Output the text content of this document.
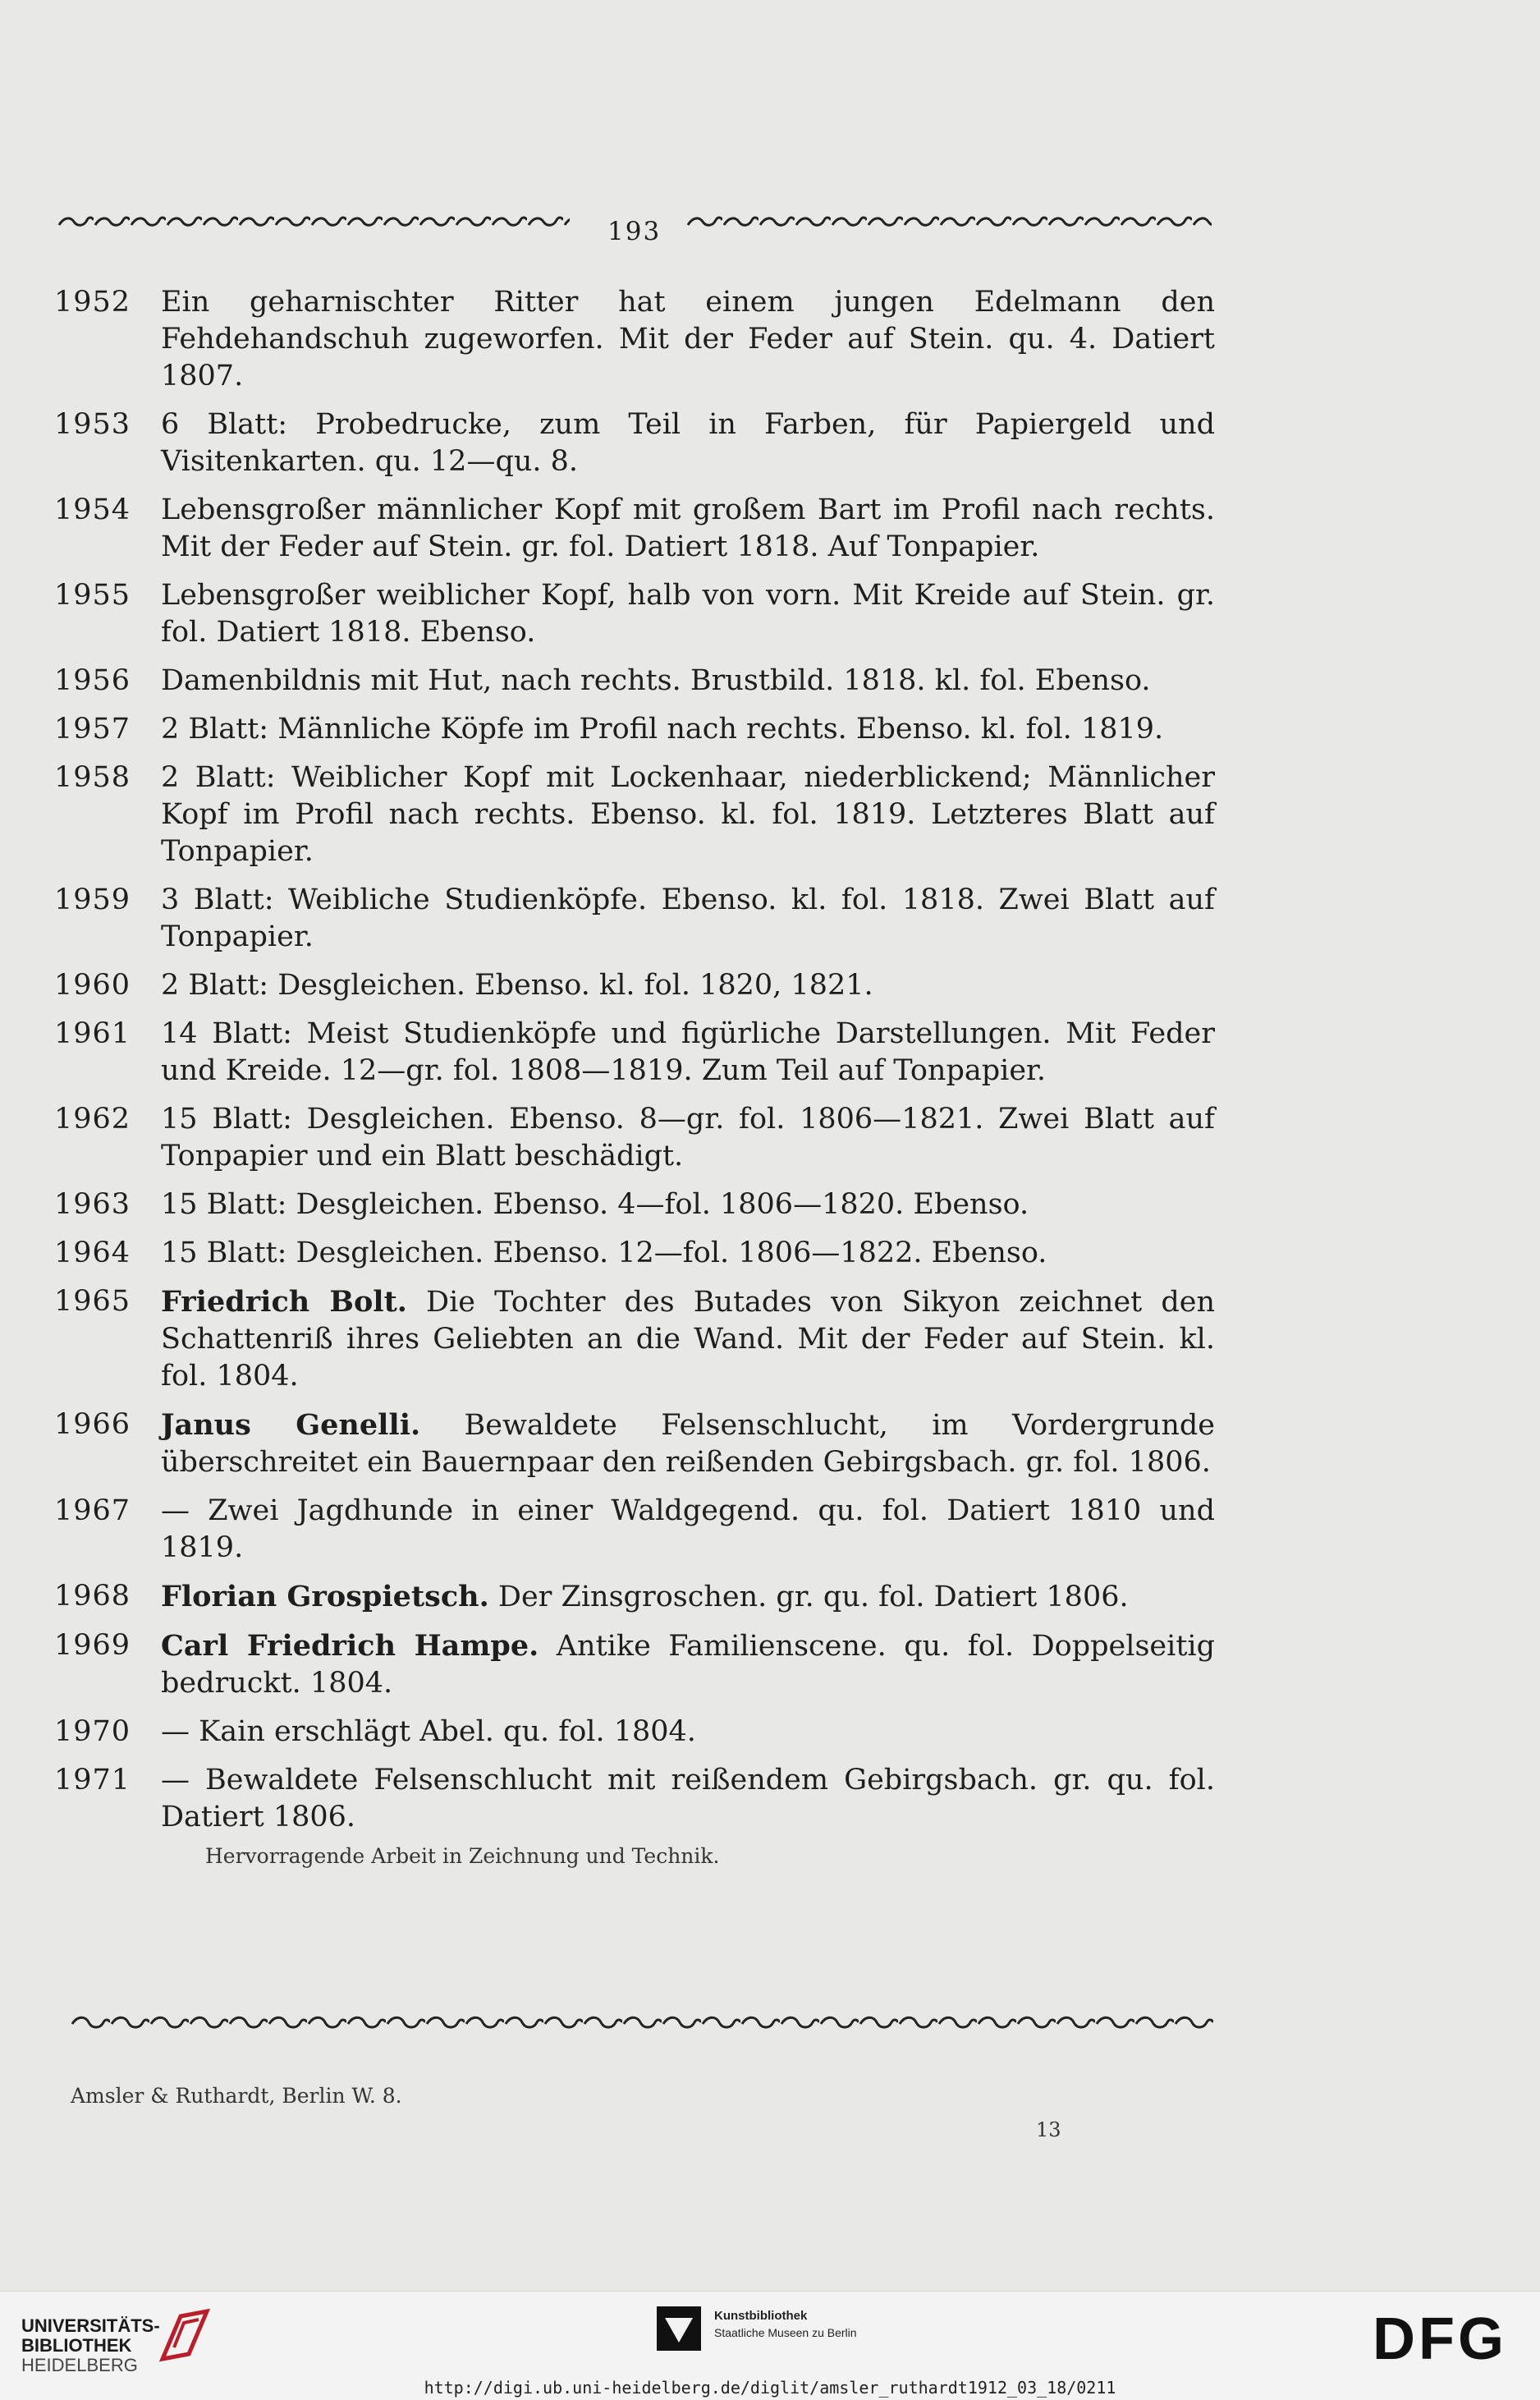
193
1952	Ein geharnischter Ritter hat einem jungen Edelmann den Fehdehandschuh zugeworfen. Mit der Feder auf Stein. qu. 4. Datiert 1807.
1953	6 Blatt: Probedrucke, zum Teil in Farben, für Papiergeld und Visitenkarten. qu. 12—qu. 8.
1954	Lebensgroßer männlicher Kopf mit großem Bart im Profil nach rechts. Mit der Feder auf Stein. gr. fol. Datiert 1818. Auf Tonpapier.
1955	Lebensgroßer weiblicher Kopf, halb von vorn. Mit Kreide auf Stein. gr. fol. Datiert 1818. Ebenso.
1956	Damenbildnis mit Hut, nach rechts. Brustbild. 1818. kl. fol. Ebenso.
1957	2 Blatt: Männliche Köpfe im Profil nach rechts. Ebenso. kl. fol. 1819.
1958	2 Blatt: Weiblicher Kopf mit Lockenhaar, niederblickend; Männlicher Kopf im Profil nach rechts. Ebenso. kl. fol. 1819. Letzteres Blatt auf Tonpapier.
1959	3 Blatt: Weibliche Studienköpfe. Ebenso. kl. fol. 1818. Zwei Blatt auf Tonpapier.
1960	2 Blatt: Desgleichen. Ebenso. kl. fol. 1820, 1821.
1961	14 Blatt: Meist Studienköpfe und figürliche Darstellungen. Mit Feder und Kreide. 12—gr. fol. 1808—1819. Zum Teil auf Tonpapier.
1962	15 Blatt: Desgleichen. Ebenso. 8—gr. fol. 1806—1821. Zwei Blatt auf Tonpapier und ein Blatt beschädigt.
1963	15 Blatt: Desgleichen. Ebenso. 4—fol. 1806—1820. Ebenso.
1964	15 Blatt: Desgleichen. Ebenso. 12—fol. 1806—1822. Ebenso.
1965	Friedrich Bolt. Die Tochter des Butades von Sikyon zeichnet den Schattenriß ihres Geliebten an die Wand. Mit der Feder auf Stein. kl. fol. 1804.
1966	Janus Genelli. Bewaldete Felsenschlucht, im Vordergrunde überschreitet ein Bauernpaar den reißenden Gebirgsbach. gr. fol. 1806.
1967	— Zwei Jagdhunde in einer Waldgegend. qu. fol. Datiert 1810 und 1819.
1968	Florian Grospietsch. Der Zinsgroschen. gr. qu. fol. Datiert 1806.
1969	Carl Friedrich Hampe. Antike Familienscene. qu. fol. Doppelseitig bedruckt. 1804.
1970	— Kain erschlägt Abel. qu. fol. 1804.
1971	— Bewaldete Felsenschlucht mit reißendem Gebirgsbach. gr. qu. fol. Datiert 1806.
Hervorragende Arbeit in Zeichnung und Technik.
Amsler & Ruthardt, Berlin W. 8.
13
UNIVERSITÄTS-
BIBLIOTHEK
HEIDELBERG
Kunstbibliothek
Staatliche Museen zu Berlin	DFG
http://digi.ub.uni-heidelberg.de/diglit/amsler_ruthardt1912_03_18/0211
